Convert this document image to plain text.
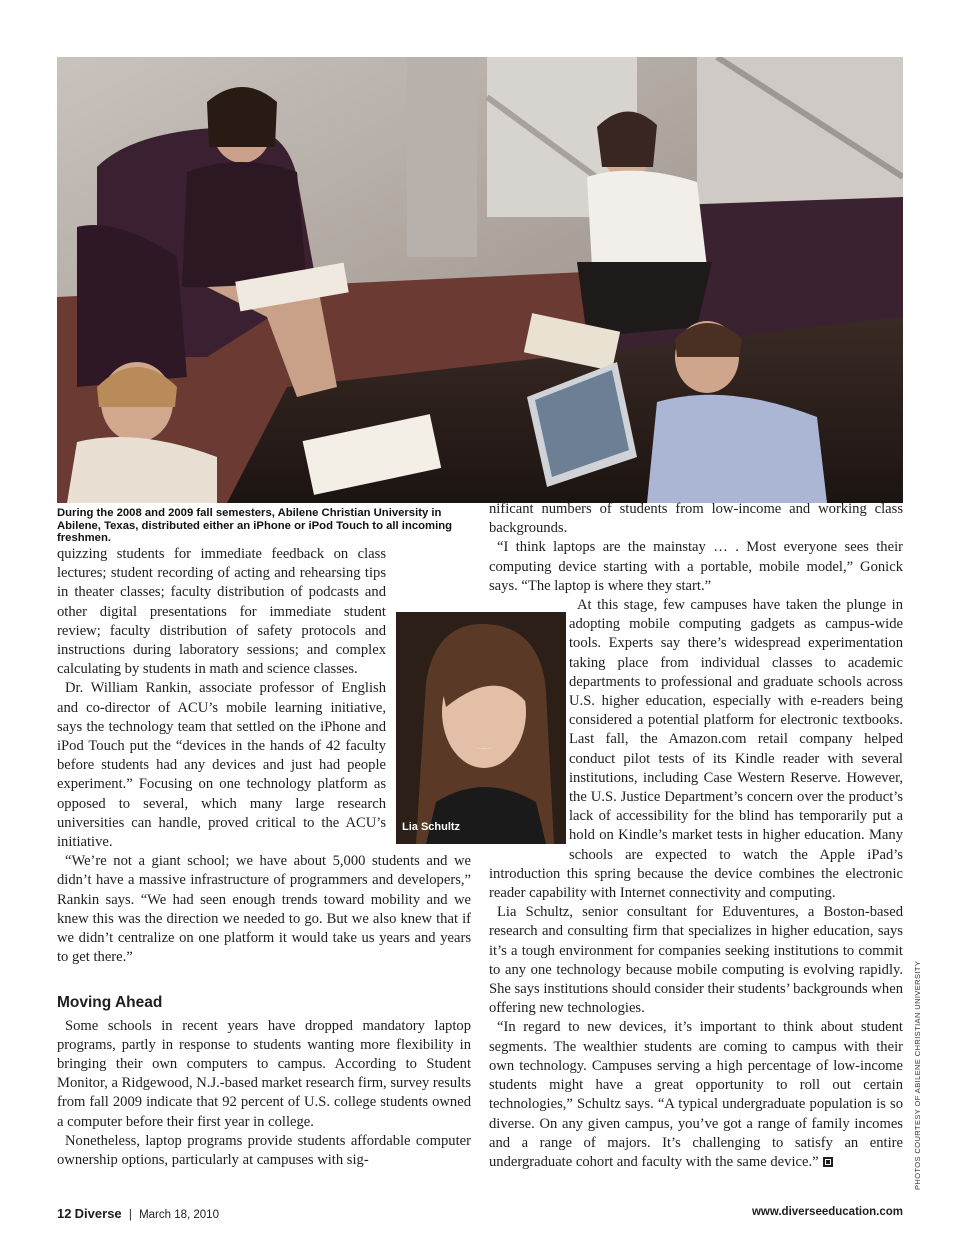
During the 2008 and 2009 fall semesters, Abilene Christian University in Abilene, Texas, distributed either an iPhone or iPod Touch to all incoming freshmen.
Lia Schultz

quizzing students for immediate feedback on class lectures; student recording of acting and rehearsing tips in theater classes; faculty distribution of podcasts and other digital presentations for immediate student review; faculty distribution of safety protocols and instructions during laboratory sessions; and complex calculating by students in math and science classes.

Dr. William Rankin, associate professor of English and co-director of ACU’s mobile learning initiative, says the technology team that settled on the iPhone and iPod Touch put the “devices in the hands of 42 faculty before students had any devices and just had people experiment.” Focusing on one technology platform as opposed to several, which many large research universities can handle, proved critical to the ACU’s initiative.

“We’re not a giant school; we have about 5,000 students and we didn’t have a massive infrastructure of programmers and developers,” Rankin says. “We had seen enough trends toward mobility and we knew this was the direction we needed to go. But we also knew that if we didn’t centralize on one platform it would take us years and years to get there.”

Moving Ahead

Some schools in recent years have dropped mandatory laptop programs, partly in response to students wanting more flexibility in bringing their own computers to campus. According to Student Monitor, a Ridgewood, N.J.-based market research firm, survey results from fall 2009 indicate that 92 percent of U.S. college students owned a computer before their first year in college.

Nonetheless, laptop programs provide students affordable computer ownership options, particularly at campuses with sig-

nificant numbers of students from low-income and working class backgrounds.

“I think laptops are the mainstay … . Most everyone sees their computing device starting with a portable, mobile model,” Gonick says. “The laptop is where they start.”

At this stage, few campuses have taken the plunge in adopting mobile computing gadgets as campus-wide tools. Experts say there’s widespread experimentation taking place from individual classes to academic departments to professional and graduate schools across U.S. higher education, especially with e-readers being considered a potential platform for electronic textbooks. Last fall, the Amazon.com retail company helped conduct pilot tests of its Kindle reader with several institutions, including Case Western Reserve. However, the U.S. Justice Department’s concern over the product’s lack of accessibility for the blind has temporarily put a hold on Kindle’s market tests in higher education. Many schools are expected to watch the Apple iPad’s introduction this spring because the device combines the electronic reader capability with Internet connectivity and computing.

Lia Schultz, senior consultant for Eduventures, a Boston-based research and consulting firm that specializes in higher education, says it’s a tough environment for companies seeking institutions to commit to any one technology because mobile computing is evolving rapidly. She says institutions should consider their students’ backgrounds when offering new technologies.

“In regard to new devices, it’s important to think about student segments. The wealthier students are coming to campus with their own technology. Campuses serving a high percentage of low-income students might have a great opportunity to roll out certain technologies,” Schultz says. “A typical undergraduate population is so diverse. On any given campus, you’ve got a range of family incomes and a range of majors. It’s challenging to satisfy an entire undergraduate cohort and faculty with the same device.”	PHOTOS COURTESY OF ABILENE CHRISTIAN UNIVERSITY
12 Diverse | March 18, 2010	www.diverseeducation.com
